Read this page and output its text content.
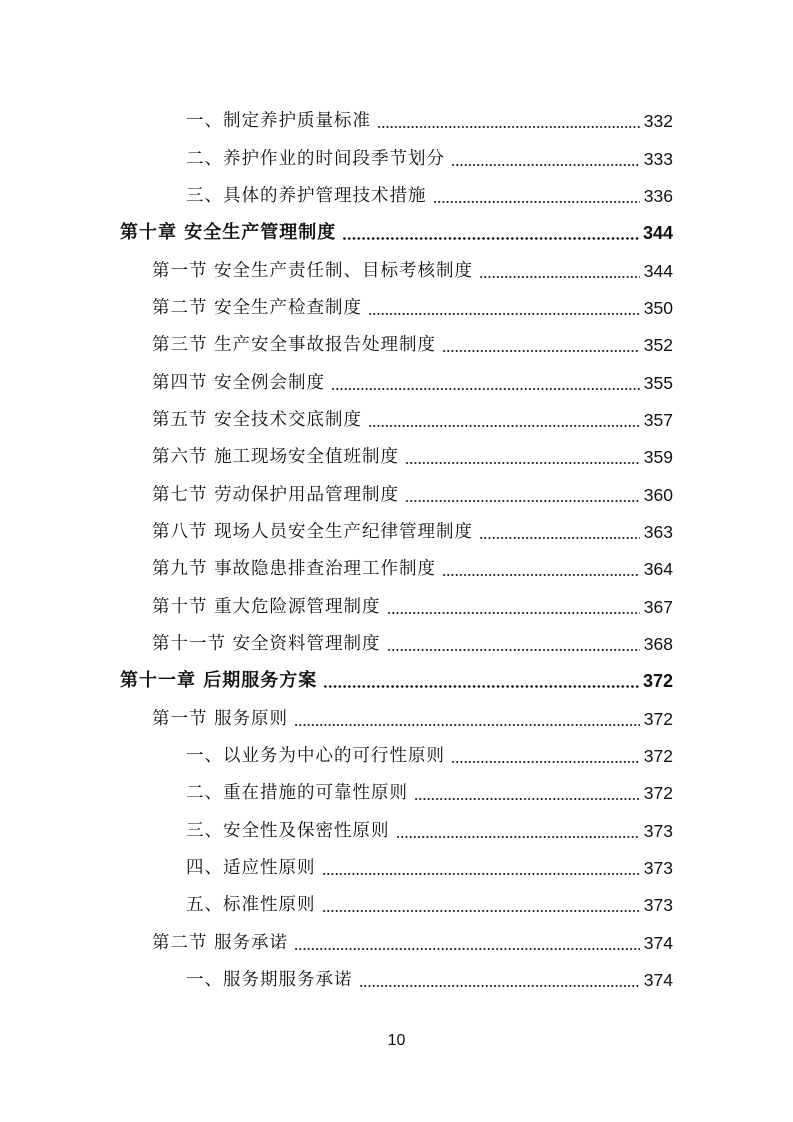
一、制定养护质量标准	332
二、养护作业的时间段季节划分	333
三、具体的养护管理技术措施	336
第十章 安全生产管理制度	344
第一节 安全生产责任制、目标考核制度	344
第二节 安全生产检查制度	350
第三节 生产安全事故报告处理制度	352
第四节 安全例会制度	355
第五节 安全技术交底制度	357
第六节 施工现场安全值班制度	359
第七节 劳动保护用品管理制度	360
第八节 现场人员安全生产纪律管理制度	363
第九节 事故隐患排查治理工作制度	364
第十节 重大危险源管理制度	367
第十一节 安全资料管理制度	368
第十一章 后期服务方案	372
第一节 服务原则	372
一、以业务为中心的可行性原则	372
二、重在措施的可靠性原则	372
三、安全性及保密性原则	373
四、适应性原则	373
五、标准性原则	373
第二节 服务承诺	374
一、服务期服务承诺	374
10
